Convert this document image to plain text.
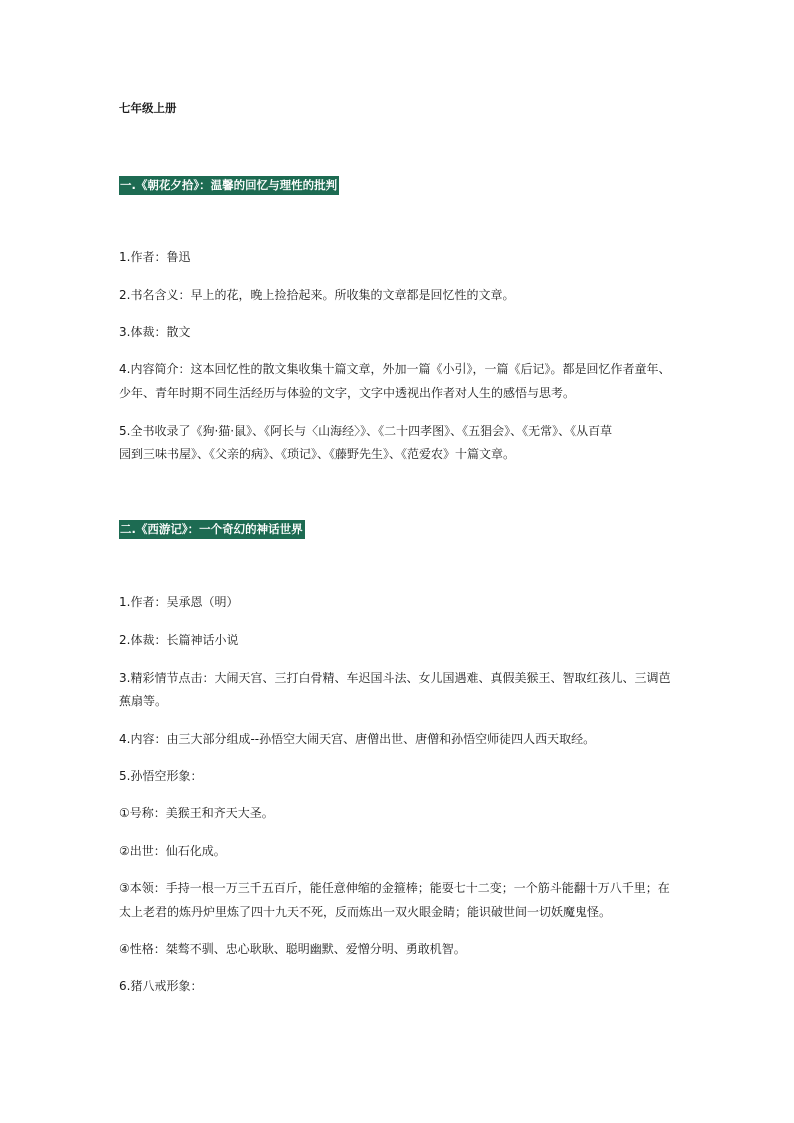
七年级上册
一.《朝花夕拾》：温馨的回忆与理性的批判
1.作者：鲁迅
2.书名含义：早上的花，晚上捡拾起来。所收集的文章都是回忆性的文章。
3.体裁：散文
4.内容简介：这本回忆性的散文集收集十篇文章，外加一篇《小引》，一篇《后记》。都是回忆作者童年、
少年、青年时期不同生活经历与体验的文字，文字中透视出作者对人生的感悟与思考。
5.全书收录了《狗·猫·鼠》、《阿长与〈山海经〉》、《二十四孝图》、《五猖会》、《无常》、《从百草
园到三味书屋》、《父亲的病》、《琐记》、《藤野先生》、《范爱农》十篇文章。
二.《西游记》：一个奇幻的神话世界
1.作者：吴承恩（明）
2.体裁：长篇神话小说
3.精彩情节点击：大闹天宫、三打白骨精、车迟国斗法、女儿国遇难、真假美猴王、智取红孩儿、三调芭
蕉扇等。
4.内容：由三大部分组成--孙悟空大闹天宫、唐僧出世、唐僧和孙悟空师徒四人西天取经。
5.孙悟空形象：
①号称：美猴王和齐天大圣。
②出世：仙石化成。
③本领：手持一根一万三千五百斤，能任意伸缩的金箍棒；能耍七十二变；一个筋斗能翻十万八千里；在
太上老君的炼丹炉里炼了四十九天不死，反而炼出一双火眼金睛；能识破世间一切妖魔鬼怪。
④性格：桀骜不驯、忠心耿耿、聪明幽默、爱憎分明、勇敢机智。
6.猪八戒形象：
